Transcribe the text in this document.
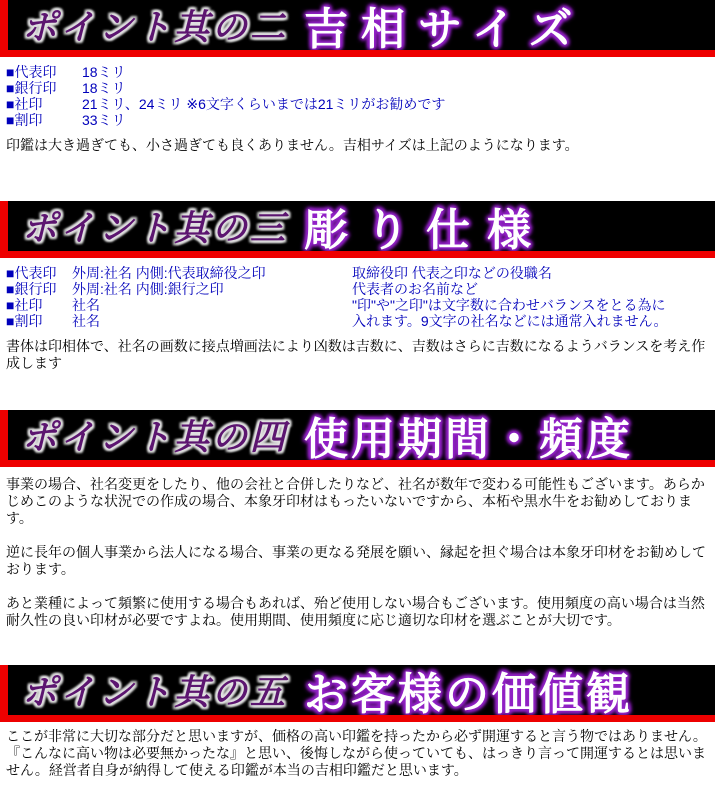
ポイント其の二 吉相サイズ
■代表印	18ミリ
■銀行印	18ミリ
■社印	21ミリ、24ミリ ※6文字くらいまでは21ミリがお勧めです
■割印	33ミリ
印鑑は大き過ぎても、小さ過ぎても良くありません。吉相サイズは上記のようになります。
ポイント其の三 彫り仕様
■代表印	外周:社名 内側:代表取締役之印	取締役印 代表之印などの役職名
■銀行印	外周:社名 内側:銀行之印	代表者のお名前など
■社印	社名	"印"や"之印"は文字数に合わせバランスをとる為に
■割印	社名	入れます。9文字の社名などには通常入れません。
書体は印相体で、社名の画数に接点増画法により凶数は吉数に、吉数はさらに吉数になるようバランスを考え作成します
ポイント其の四 使用期間・頻度

事業の場合、社名変更をしたり、他の会社と合併したりなど、社名が数年で変わる可能性もございます。あらかじめこのような状況での作成の場合、本象牙印材はもったいないですから、本柘や黒水牛をお勧めしております。

逆に長年の個人事業から法人になる場合、事業の更なる発展を願い、縁起を担ぐ場合は本象牙印材をお勧めしております。

あと業種によって頻繁に使用する場合もあれば、殆ど使用しない場合もございます。使用頻度の高い場合は当然耐久性の良い印材が必要ですよね。使用期間、使用頻度に応じ適切な印材を選ぶことが大切です。

ポイント其の五 お客様の価値観

ここが非常に大切な部分だと思いますが、価格の高い印鑑を持ったから必ず開運すると言う物ではありません。『こんなに高い物は必要無かったな』と思い、後悔しながら使っていても、はっきり言って開運するとは思いません。経営者自身が納得して使える印鑑が本当の吉相印鑑だと思います。
